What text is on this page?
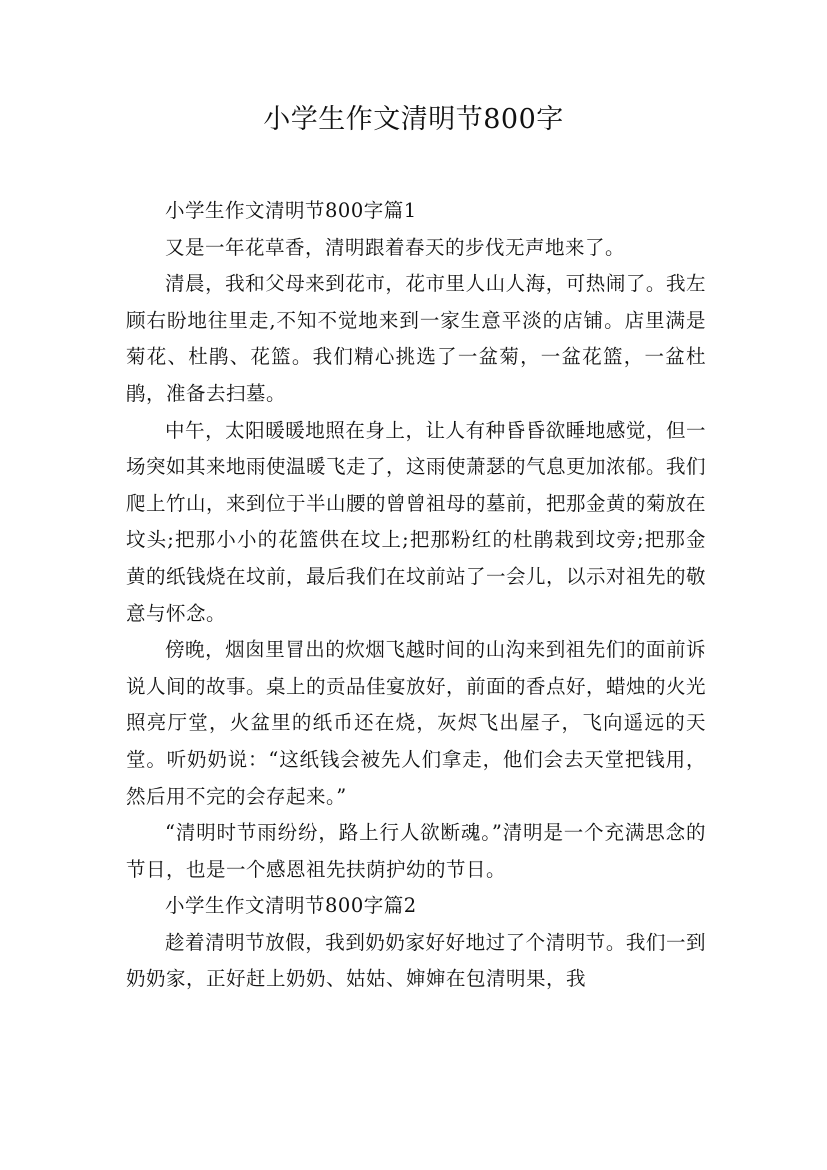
小学生作文清明节800字

小学生作文清明节800字篇1

又是一年花草香，清明跟着春天的步伐无声地来了。

清晨，我和父母来到花市，花市里人山人海，可热闹了。我左顾右盼地往里走,不知不觉地来到一家生意平淡的店铺。店里满是菊花、杜鹃、花篮。我们精心挑选了一盆菊，一盆花篮，一盆杜鹃，准备去扫墓。

中午，太阳暖暖地照在身上，让人有种昏昏欲睡地感觉，但一场突如其来地雨使温暖飞走了，这雨使萧瑟的气息更加浓郁。我们爬上竹山，来到位于半山腰的曾曾祖母的墓前，把那金黄的菊放在坟头;把那小小的花篮供在坟上;把那粉红的杜鹃栽到坟旁;把那金黄的纸钱烧在坟前，最后我们在坟前站了一会儿，以示对祖先的敬意与怀念。

傍晚，烟囱里冒出的炊烟飞越时间的山沟来到祖先们的面前诉说人间的故事。桌上的贡品佳宴放好，前面的香点好，蜡烛的火光照亮厅堂，火盆里的纸币还在烧，灰烬飞出屋子，飞向遥远的天堂。听奶奶说：“这纸钱会被先人们拿走，他们会去天堂把钱用，然后用不完的会存起来。”

“清明时节雨纷纷，路上行人欲断魂。”清明是一个充满思念的节日，也是一个感恩祖先扶荫护幼的节日。

小学生作文清明节800字篇2

趁着清明节放假，我到奶奶家好好地过了个清明节。我们一到奶奶家，正好赶上奶奶、姑姑、婶婶在包清明果，我
